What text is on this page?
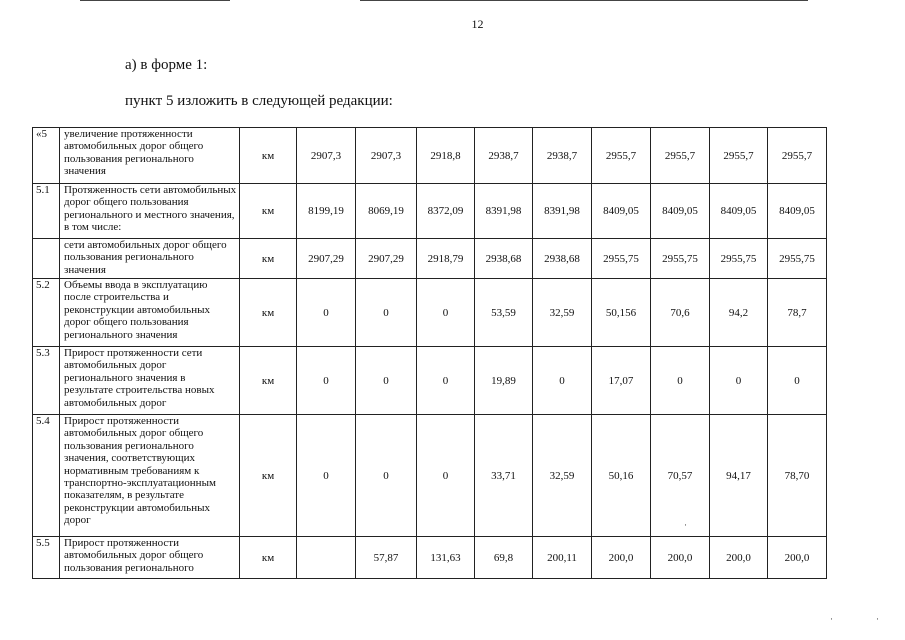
12
а) в форме 1:
пункт 5 изложить в следующей редакции:
«5	увеличение протяженности автомобильных дорог общего пользования регионального значения	км	2907,3	2907,3	2918,8	2938,7	2938,7	2955,7	2955,7	2955,7	2955,7
5.1	Протяженность сети автомобильных дорог общего пользования регионального и местного значения, в том числе:	км	8199,19	8069,19	8372,09	8391,98	8391,98	8409,05	8409,05	8409,05	8409,05
	сети автомобильных дорог общего пользования регионального значения	км	2907,29	2907,29	2918,79	2938,68	2938,68	2955,75	2955,75	2955,75	2955,75
5.2	Объемы ввода в эксплуатацию после строительства и реконструкции автомобильных дорог общего пользования регионального значения	км	0	0	0	53,59	32,59	50,156	70,6	94,2	78,7
5.3	Прирост протяженности сети автомобильных дорог регионального значения в результате строительства новых автомобильных дорог	км	0	0	0	19,89	0	17,07	0	0	0
5.4	Прирост протяженности автомобильных дорог общего пользования регионального значения, соответствующих нормативным требованиям к транспортно-эксплуатационным показателям, в результате реконструкции автомобильных дорог	км	0	0	0	33,71	32,59	50,16	70,57	94,17	78,70
5.5	Прирост протяженности автомобильных дорог общего пользования регионального	км		57,87	131,63	69,8	200,11	200,0	200,0	200,0	200,0
·
·	·
